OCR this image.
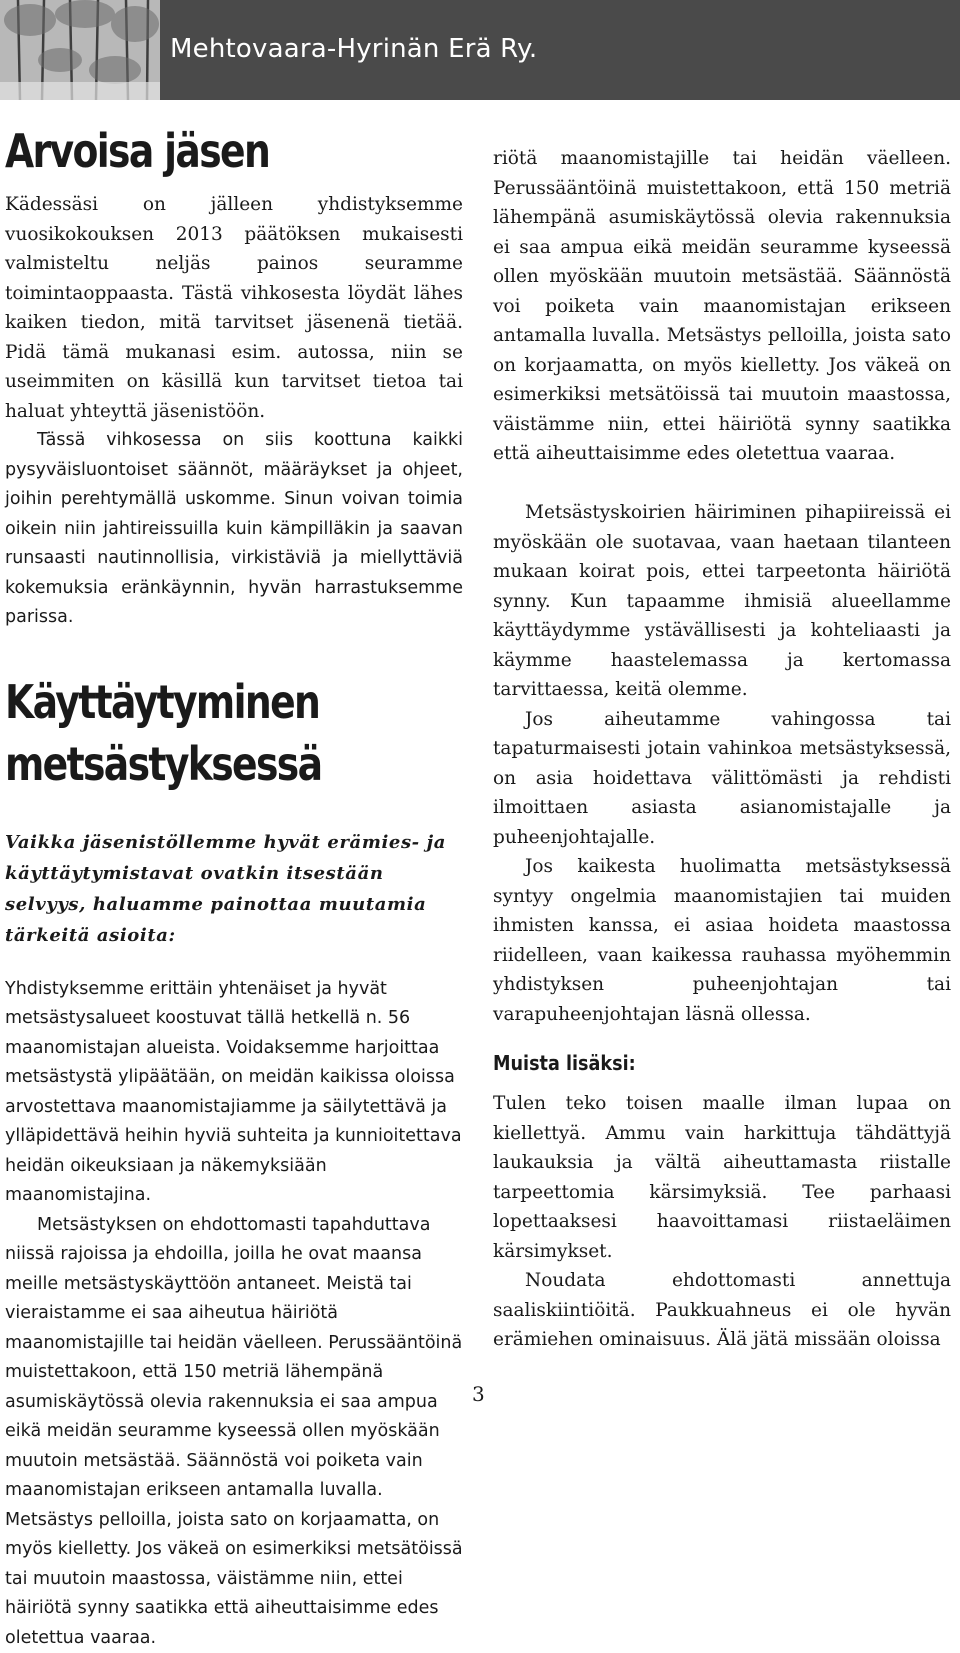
Mehtovaara-Hyrinän Erä Ry.
Arvoisa jäsen

Kädessäsi on jälleen yhdistyksemme vuosikokouksen 2013 päätöksen mukaisesti valmisteltu neljäs painos seuramme toimintaoppaasta. Tästä vihkosesta löydät lähes kaiken tiedon, mitä tarvitset jäsenenä tietää. Pidä tämä mukanasi esim. autossa, niin se useimmiten on käsillä kun tarvitset tietoa tai haluat yhteyttä jäsenistöön.

Tässä vihkosessa on siis koottuna kaikki pysyväisluontoiset säännöt, määräykset ja ohjeet, joihin perehtymällä uskomme. Sinun voivan toimia oikein niin jahtireissuilla kuin kämpilläkin ja saavan runsaasti nautinnollisia, virkistäviä ja miellyttäviä kokemuksia eränkäynnin, hyvän harrastuksemme parissa.

Käyttäytyminen
metsästyksessä

Vaikka jäsenistöllemme hyvät erämies- ja käyttäytymistavat ovatkin itsestään selvyys, haluamme painottaa muutamia tärkeitä asioita:

Yhdistyksemme erittäin yhtenäiset ja hyvät metsästysalueet koostuvat tällä hetkellä n. 56 maanomistajan alueista. Voidaksemme harjoittaa metsästystä ylipäätään, on meidän kaikissa oloissa arvostettava maanomistajiamme ja säilytettävä ja ylläpidettävä heihin hyviä suhteita ja kunnioitettava heidän oikeuksiaan ja näkemyksiään maanomistajina.

Metsästyksen on ehdottomasti tapahduttava niissä rajoissa ja ehdoilla, joilla he ovat maansa meille metsästyskäyttöön antaneet. Meistä tai vieraistamme ei saa aiheutua häiriötä maanomistajille tai heidän väelleen. Perussääntöinä muistettakoon, että 150 metriä lähempänä asumiskäytössä olevia rakennuksia ei saa ampua eikä meidän seuramme kyseessä ollen myöskään muutoin metsästää. Säännöstä voi poiketa vain maanomistajan erikseen antamalla luvalla. Metsästys pelloilla, joista sato on korjaamatta, on myös kielletty. Jos väkeä on esimerkiksi metsätöissä tai muutoin maastossa, väistämme niin, ettei häiriötä synny saatikka että aiheuttaisimme edes oletettua vaaraa.

riötä maanomistajille tai heidän väelleen. Perussääntöinä muistettakoon, että 150 metriä lähempänä asumiskäytössä olevia rakennuksia ei saa ampua eikä meidän seuramme kyseessä ollen myöskään muutoin metsästää. Säännöstä voi poiketa vain maanomistajan erikseen antamalla luvalla. Metsästys pelloilla, joista sato on korjaamatta, on myös kielletty. Jos väkeä on esimerkiksi metsätöissä tai muutoin maastossa, väistämme niin, ettei häiriötä synny saatikka että aiheuttaisimme edes oletettua vaaraa.

Metsästyskoirien häiriminen pihapiireissä ei myöskään ole suotavaa, vaan haetaan tilanteen mukaan koirat pois, ettei tarpeetonta häiriötä synny. Kun tapaamme ihmisiä alueellamme käyttäydymme ystävällisesti ja kohteliaasti ja käymme haastelemassa ja kertomassa tarvittaessa, keitä olemme.

Jos aiheutamme vahingossa tai tapaturmaisesti jotain vahinkoa metsästyksessä, on asia hoidettava välittömästi ja rehdisti ilmoittaen asiasta asianomistajalle ja puheenjohtajalle.

Jos kaikesta huolimatta metsästyksessä syntyy ongelmia maanomistajien tai muiden ihmisten kanssa, ei asiaa hoideta maastossa riidelleen, vaan kaikessa rauhassa myöhemmin yhdistyksen puheenjohtajan tai varapuheenjohtajan läsnä ollessa.

Muista lisäksi:

Tulen teko toisen maalle ilman lupaa on kiellettyä. Ammu vain harkittuja tähdättyjä laukauksia ja vältä aiheuttamasta riistalle tarpeettomia kärsimyksiä. Tee parhaasi lopettaaksesi haavoittamasi riistaeläimen kärsimykset.

Noudata ehdottomasti annettuja saaliskiintiöitä. Paukkuahneus ei ole hyvän erämiehen ominaisuus. Älä jätä missään oloissa

3
